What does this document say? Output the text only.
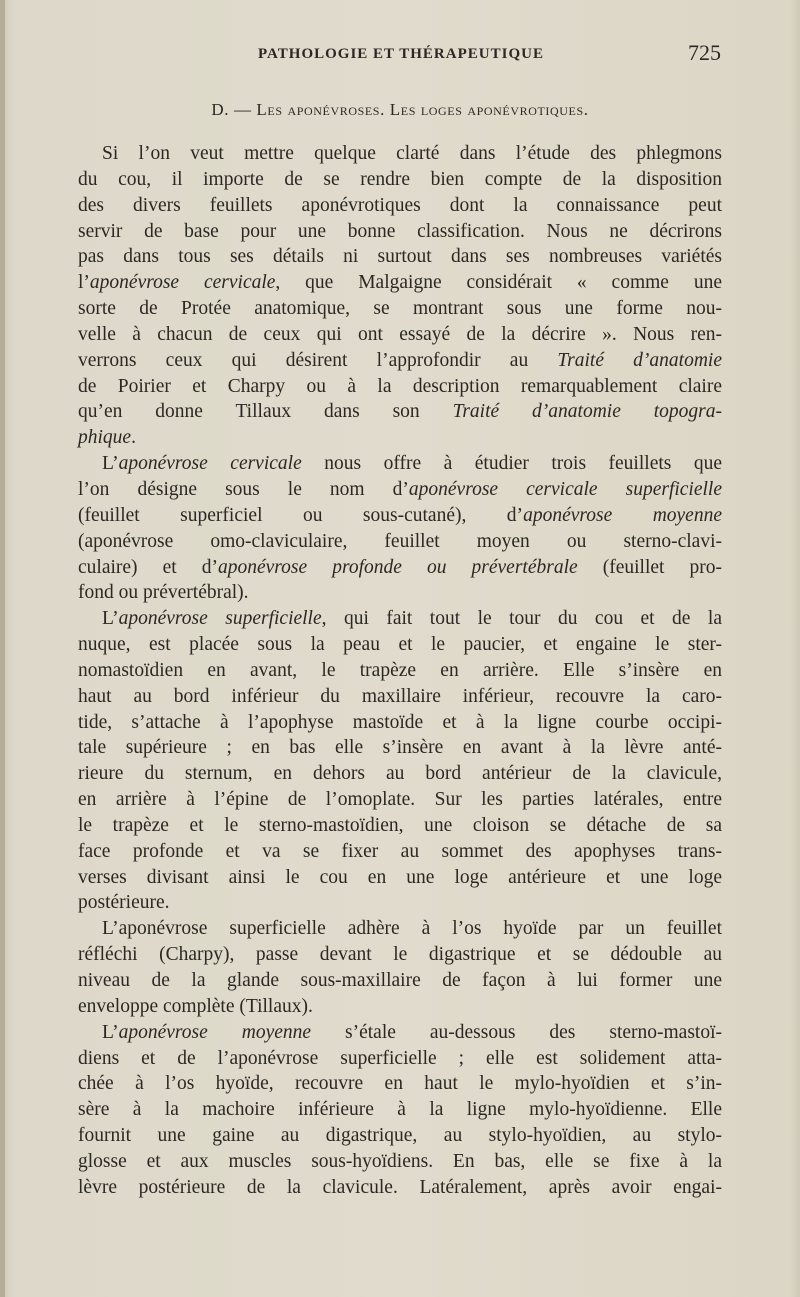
PATHOLOGIE ET THÉRAPEUTIQUE	725
D. — Les aponévroses. Les loges aponévrotiques.
Si l’on veut mettre quelque clarté dans l’étude des phlegmons
du cou, il importe de se rendre bien compte de la disposition
des divers feuillets aponévrotiques dont la connaissance peut
servir de base pour une bonne classification. Nous ne décrirons
pas dans tous ses détails ni surtout dans ses nombreuses variétés
l’aponévrose cervicale, que Malgaigne considérait « comme une
sorte de Protée anatomique, se montrant sous une forme nou-
velle à chacun de ceux qui ont essayé de la décrire ». Nous ren-
verrons ceux qui désirent l’approfondir au Traité d’anatomie
de Poirier et Charpy ou à la description remarquablement claire
qu’en donne Tillaux dans son Traité d’anatomie topogra-
phique.
L’aponévrose cervicale nous offre à étudier trois feuillets que
l’on désigne sous le nom d’aponévrose cervicale superficielle
(feuillet superficiel ou sous-cutané), d’aponévrose moyenne
(aponévrose omo-claviculaire, feuillet moyen ou sterno-clavi-
culaire) et d’aponévrose profonde ou prévertébrale (feuillet pro-
fond ou prévertébral).
L’aponévrose superficielle, qui fait tout le tour du cou et de la
nuque, est placée sous la peau et le paucier, et engaine le ster-
nomastoïdien en avant, le trapèze en arrière. Elle s’insère en
haut au bord inférieur du maxillaire inférieur, recouvre la caro-
tide, s’attache à l’apophyse mastoïde et à la ligne courbe occipi-
tale supérieure ; en bas elle s’insère en avant à la lèvre anté-
rieure du sternum, en dehors au bord antérieur de la clavicule,
en arrière à l’épine de l’omoplate. Sur les parties latérales, entre
le trapèze et le sterno-mastoïdien, une cloison se détache de sa
face profonde et va se fixer au sommet des apophyses trans-
verses divisant ainsi le cou en une loge antérieure et une loge
postérieure.
L’aponévrose superficielle adhère à l’os hyoïde par un feuillet
réfléchi (Charpy), passe devant le digastrique et se dédouble au
niveau de la glande sous-maxillaire de façon à lui former une
enveloppe complète (Tillaux).
L’aponévrose moyenne s’étale au-dessous des sterno-mastoï-
diens et de l’aponévrose superficielle ; elle est solidement atta-
chée à l’os hyoïde, recouvre en haut le mylo-hyoïdien et s’in-
sère à la machoire inférieure à la ligne mylo-hyoïdienne. Elle
fournit une gaine au digastrique, au stylo-hyoïdien, au stylo-
glosse et aux muscles sous-hyoïdiens. En bas, elle se fixe à la
lèvre postérieure de la clavicule. Latéralement, après avoir engai-
